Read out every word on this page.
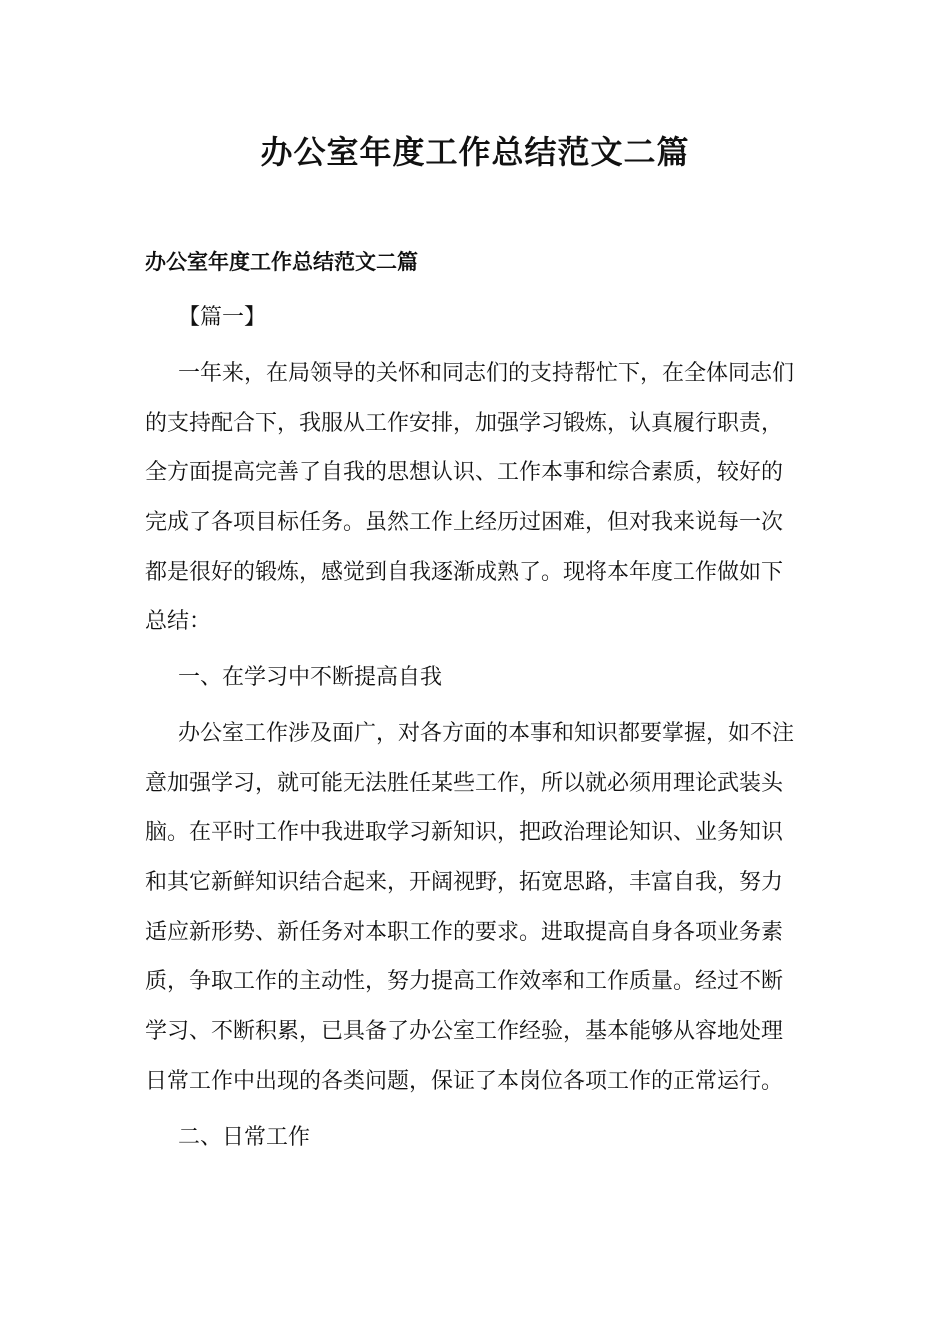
办公室年度工作总结范文二篇
办公室年度工作总结范文二篇

【篇一】

一年来，在局领导的关怀和同志们的支持帮忙下，在全体同志们

的支持配合下，我服从工作安排，加强学习锻炼，认真履行职责，

全方面提高完善了自我的思想认识、工作本事和综合素质，较好的

完成了各项目标任务。虽然工作上经历过困难，但对我来说每一次

都是很好的锻炼，感觉到自我逐渐成熟了。现将本年度工作做如下

总结：

一、在学习中不断提高自我

办公室工作涉及面广，对各方面的本事和知识都要掌握，如不注

意加强学习，就可能无法胜任某些工作，所以就必须用理论武装头

脑。在平时工作中我进取学习新知识，把政治理论知识、业务知识

和其它新鲜知识结合起来，开阔视野，拓宽思路，丰富自我，努力

适应新形势、新任务对本职工作的要求。进取提高自身各项业务素

质，争取工作的主动性，努力提高工作效率和工作质量。经过不断

学习、不断积累，已具备了办公室工作经验，基本能够从容地处理

日常工作中出现的各类问题，保证了本岗位各项工作的正常运行。

二、日常工作
